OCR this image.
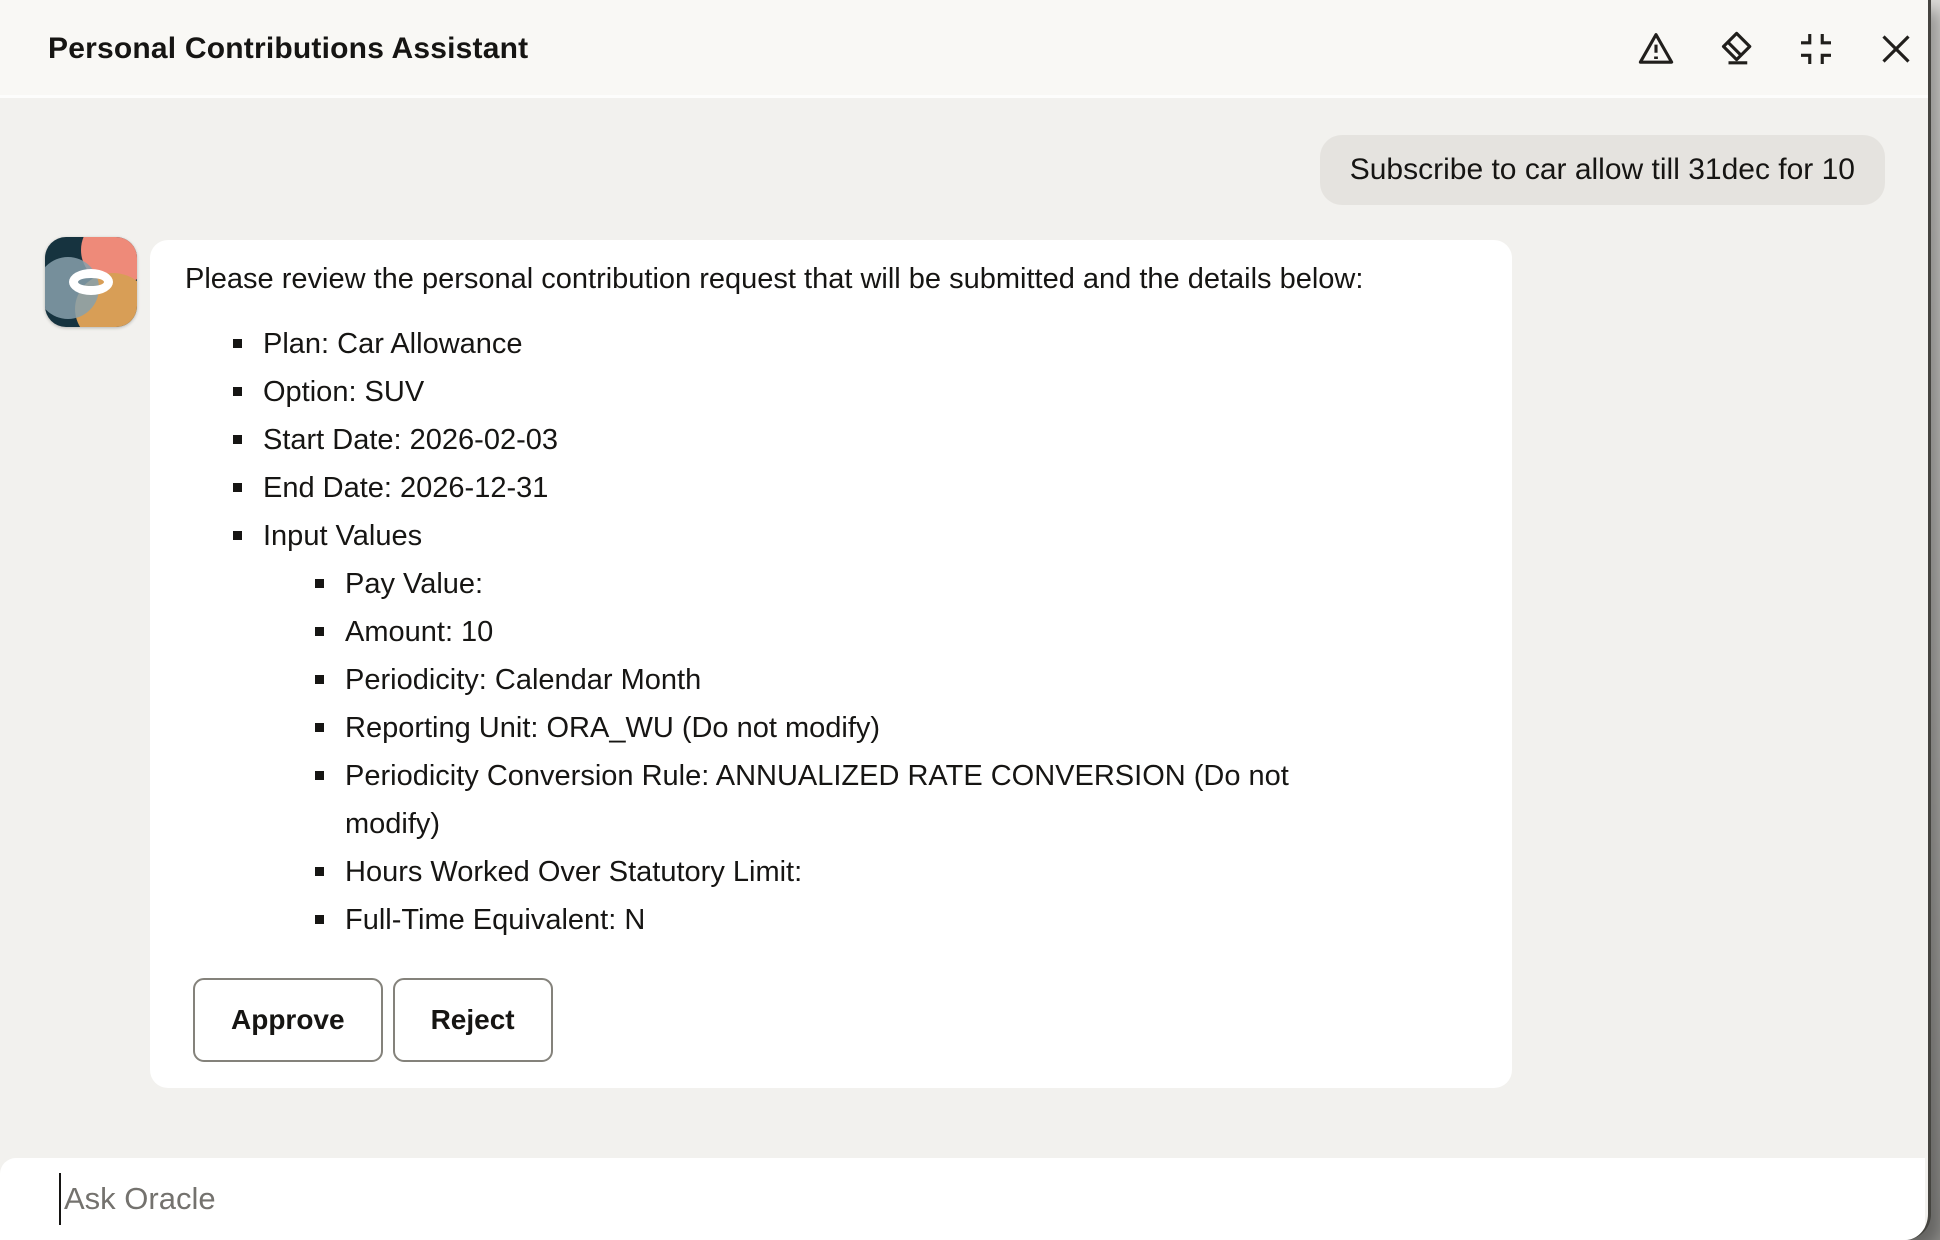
Personal Contributions Assistant
Subscribe to car allow till 31dec for 10

Please review the personal contribution request that will be submitted and the details below:

Plan: Car Allowance
Option: SUV
Start Date: 2026-02-03
End Date: 2026-12-31
Input Values
Pay Value:
Amount: 10
Periodicity: Calendar Month
Reporting Unit: ORA_WU (Do not modify)
Periodicity Conversion Rule: ANNUALIZED RATE CONVERSION (Do not modify)
Hours Worked Over Statutory Limit:
Full-Time Equivalent: N
Approve	Reject
Ask Oracle
